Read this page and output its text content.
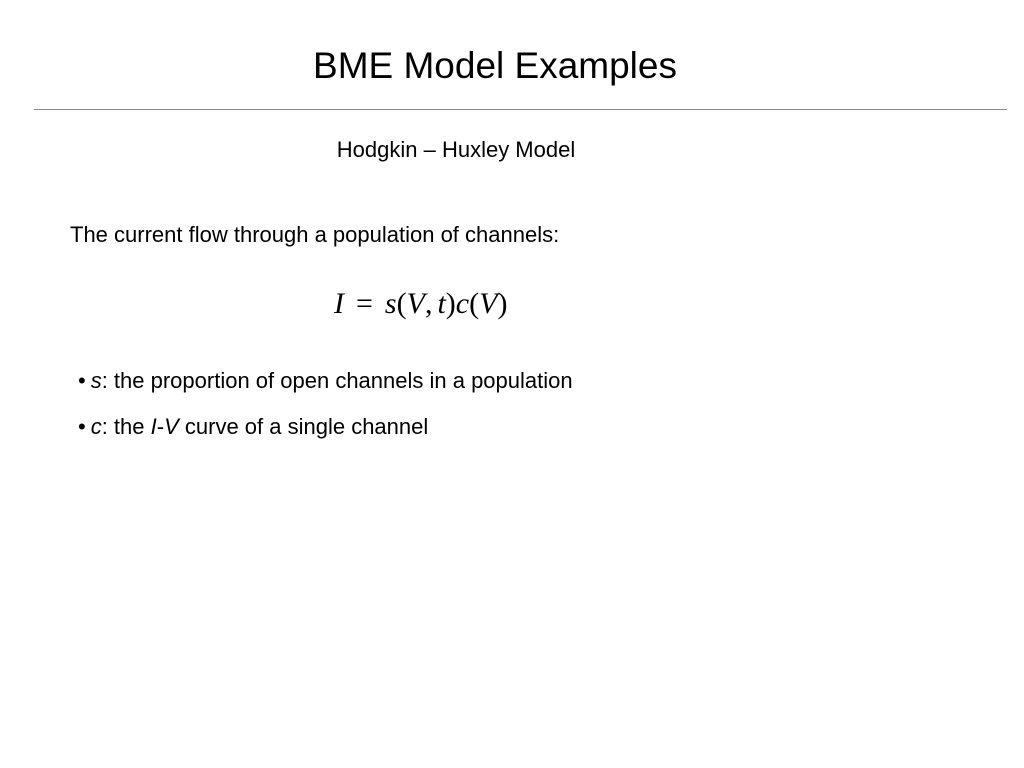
BME Model Examples
Hodgkin – Huxley Model
The current flow through a population of channels:
I = s(V, t)c(V)
• s: the proportion of open channels in a population
• c: the I-V curve of a single channel
